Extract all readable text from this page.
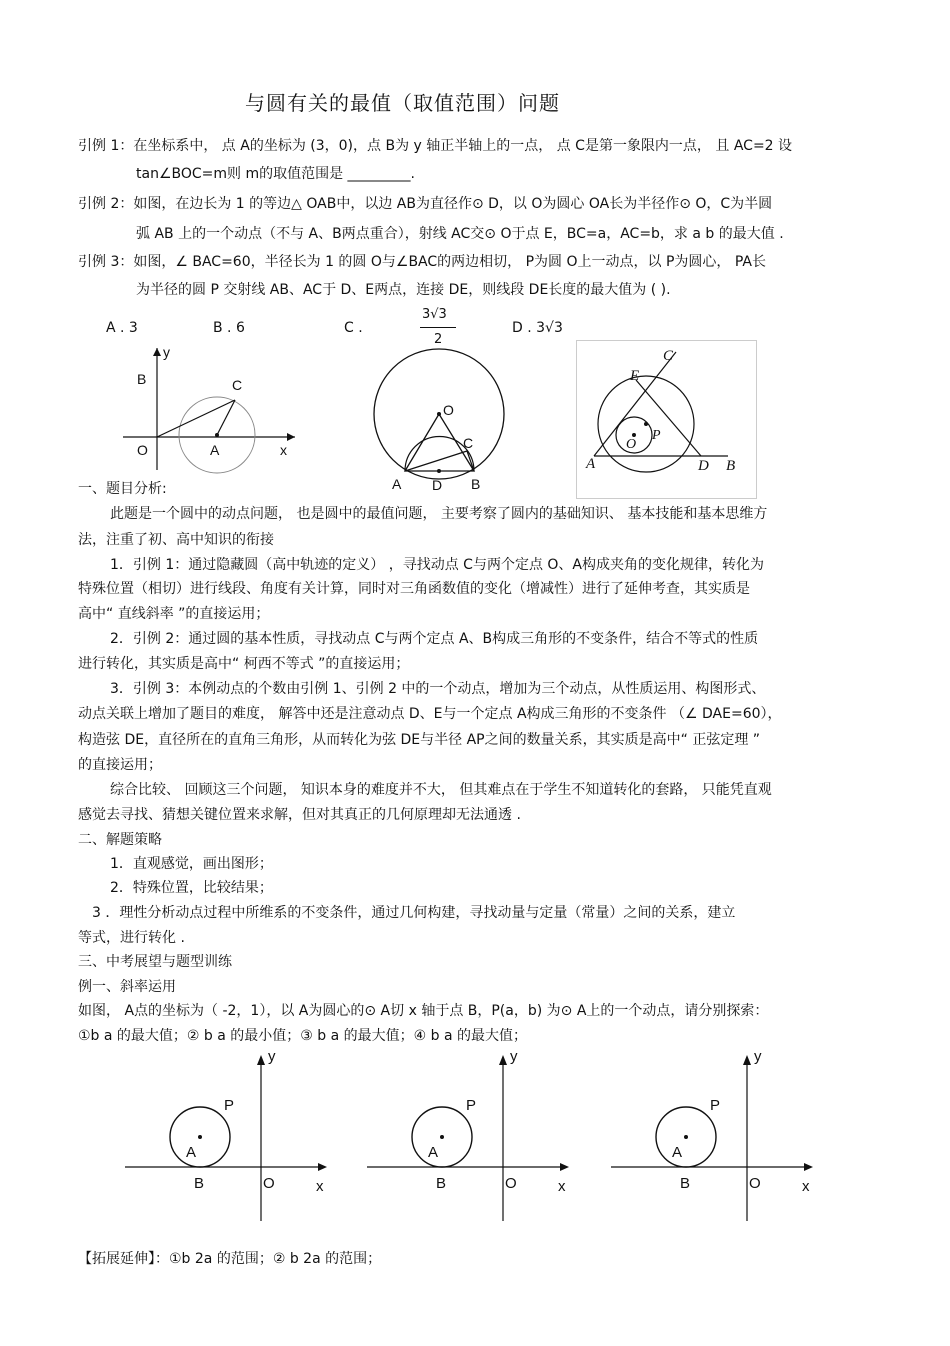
与圆有关的最值（取值范围）问题
引例 1：在坐标系中， 点 A的坐标为 (3，0)，点 B为 y 轴正半轴上的一点， 点 C是第一象限内一点， 且 AC=2 设
tan∠BOC=m则 m的取值范围是 _________.
引例 2：如图，在边长为 1 的等边△ OAB中，以边 AB为直径作⊙ D，以 O为圆心 OA长为半径作⊙ O，C为半圆
弧 AB 上的一个动点（不与 A、B两点重合），射线 AC交⊙ O于点 E，BC=a，AC=b，求 a b 的最大值 .
引例 3：如图，∠ BAC=60，半径长为 1 的圆 O与∠BAC的两边相切， P为圆 O上一动点，以 P为圆心， PA长
为半径的圆 P 交射线 AB、AC于 D、E两点，连接 DE，则线段 DE长度的最大值为 ( ).
A . 3	B . 6	C .
3√3
2
D . 3√3
y
B	C
O	A	x
O
C
A D B
C
E
O
P
A	D B
一、题目分析:
此题是一个圆中的动点问题， 也是圆中的最值问题， 主要考察了圆内的基础知识、 基本技能和基本思维方
法，注重了初、高中知识的衔接
1．引例 1：通过隐藏圆（高中轨迹的定义） ，寻找动点 C与两个定点 O、A构成夹角的变化规律，转化为
特殊位置（相切）进行线段、角度有关计算，同时对三角函数值的变化（增减性）进行了延伸考查，其实质是
高中“ 直线斜率 ”的直接运用；
2．引例 2：通过圆的基本性质，寻找动点 C与两个定点 A、B构成三角形的不变条件，结合不等式的性质
进行转化，其实质是高中“ 柯西不等式 ”的直接运用；
3．引例 3：本例动点的个数由引例 1、引例 2 中的一个动点，增加为三个动点，从性质运用、构图形式、
动点关联上增加了题目的难度， 解答中还是注意动点 D、E与一个定点 A构成三角形的不变条件 （∠ DAE=60），
构造弦 DE，直径所在的直角三角形，从而转化为弦 DE与半径 AP之间的数量关系，其实质是高中“ 正弦定理 ”
的直接运用；
综合比较、 回顾这三个问题， 知识本身的难度并不大， 但其难点在于学生不知道转化的套路， 只能凭直观
感觉去寻找、猜想关键位置来求解，但对其真正的几何原理却无法通透 .
二、解题策略
1．直观感觉，画出图形；
2．特殊位置，比较结果；
3 ．理性分析动点过程中所维系的不变条件，通过几何构建，寻找动量与定量（常量）之间的关系，建立
等式，进行转化 .
三、中考展望与题型训练
例一、斜率运用
如图， A点的坐标为（ -2，1），以 A为圆心的⊙ A切 x 轴于点 B，P(a，b) 为⊙ A上的一个动点，请分别探索：
①b a 的最大值；② b a 的最小值；③ b a 的最大值；④ b a 的最大值；
y
P
A
B	O	x
y
P
A
B	O	x
y
P
A
B	O	x
【拓展延伸】：①b 2a 的范围；② b 2a 的范围；
